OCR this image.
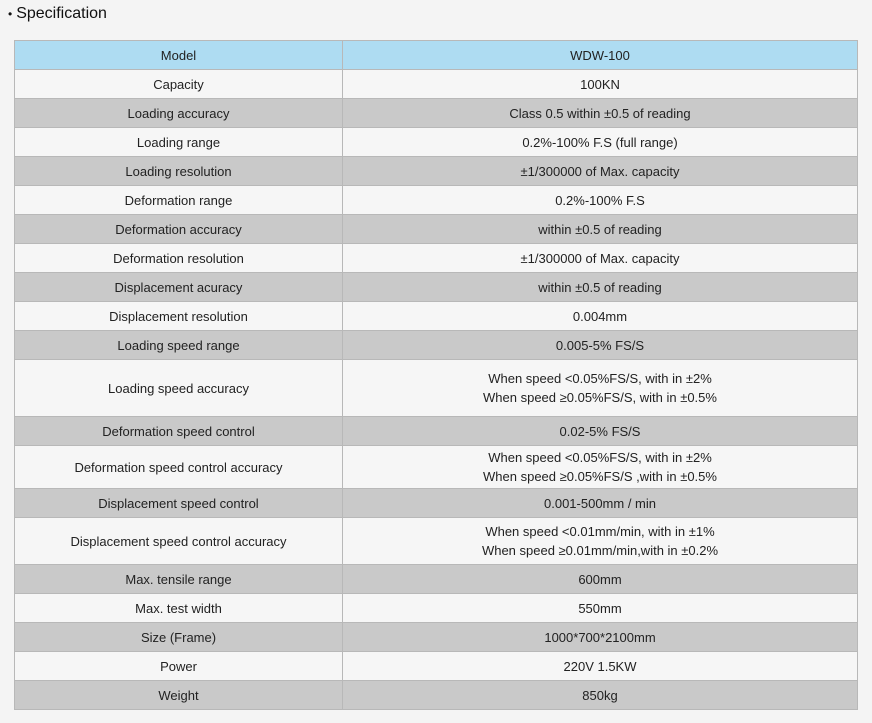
• Specification
Model	WDW-100
Capacity	100KN

Loading accuracy	Class 0.5 within ±0.5 of reading

Loading range	0.2%-100% F.S (full range)

Loading resolution	±1/300000 of Max. capacity

Deformation range	0.2%-100% F.S

Deformation accuracy	within ±0.5 of reading

Deformation resolution	±1/300000 of Max. capacity

Displacement acuracy	within ±0.5 of reading

Displacement resolution	0.004mm

Loading speed range	0.005-5% FS/S

Loading speed accuracy	When speed <0.05%FS/S, with in ±2%
When speed ≥0.05%FS/S, with in ±0.5%

Deformation speed control	0.02-5% FS/S

Deformation speed control accuracy	When speed <0.05%FS/S, with in ±2%
When speed ≥0.05%FS/S ,with in ±0.5%

Displacement speed control	0.001-500mm / min

Displacement speed control accuracy	When speed <0.01mm/min, with in ±1%
When speed ≥0.01mm/min,with in ±0.2%

Max. tensile range	600mm

Max. test width	550mm

Size (Frame)	1000*700*2100mm

Power	220V 1.5KW

Weight	850kg
